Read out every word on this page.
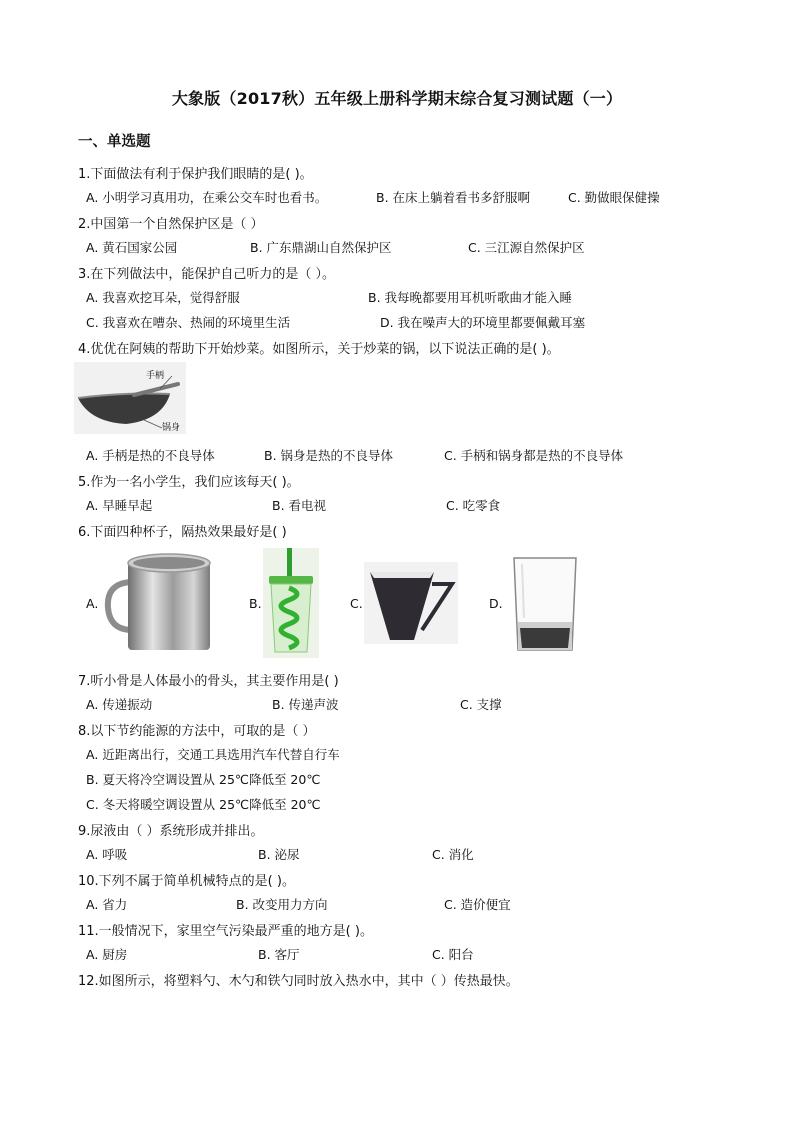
大象版（2017秋）五年级上册科学期末综合复习测试题（一）
一、单选题
1.下面做法有利于保护我们眼睛的是( )。
A. 小明学习真用功，在乘公交车时也看书。	B. 在床上躺着看书多舒服啊	C. 勤做眼保健操
2.中国第一个自然保护区是（ ）
A. 黄石国家公园	B. 广东鼎湖山自然保护区	C. 三江源自然保护区
3.在下列做法中，能保护自己听力的是（ ）。
A. 我喜欢挖耳朵，觉得舒服	B. 我每晚都要用耳机听歌曲才能入睡
C. 我喜欢在嘈杂、热闹的环境里生活	D. 我在噪声大的环境里都要佩戴耳塞
4.优优在阿姨的帮助下开始炒菜。如图所示，关于炒菜的锅，以下说法正确的是( )。
手柄
锅身
A. 手柄是热的不良导体	B. 锅身是热的不良导体	C. 手柄和锅身都是热的不良导体
5.作为一名小学生，我们应该每天( )。
A. 早睡早起	B. 看电视	C. 吃零食
6.下面四种杯子，隔热效果最好是( )
A.	B.	C.	D.
7.听小骨是人体最小的骨头，其主要作用是( )
A. 传递振动	B. 传递声波	C. 支撑
8.以下节约能源的方法中，可取的是（ ）
A. 近距离出行，交通工具选用汽车代替自行车
B. 夏天将冷空调设置从 25℃降低至 20℃
C. 冬天将暖空调设置从 25℃降低至 20℃
9.尿液由（ ）系统形成并排出。
A. 呼吸	B. 泌尿	C. 消化
10.下列不属于简单机械特点的是( )。
A. 省力	B. 改变用力方向	C. 造价便宜
11.一般情况下，家里空气污染最严重的地方是( )。
A. 厨房	B. 客厅	C. 阳台
12.如图所示，将塑料勺、木勺和铁勺同时放入热水中，其中（ ）传热最快。
